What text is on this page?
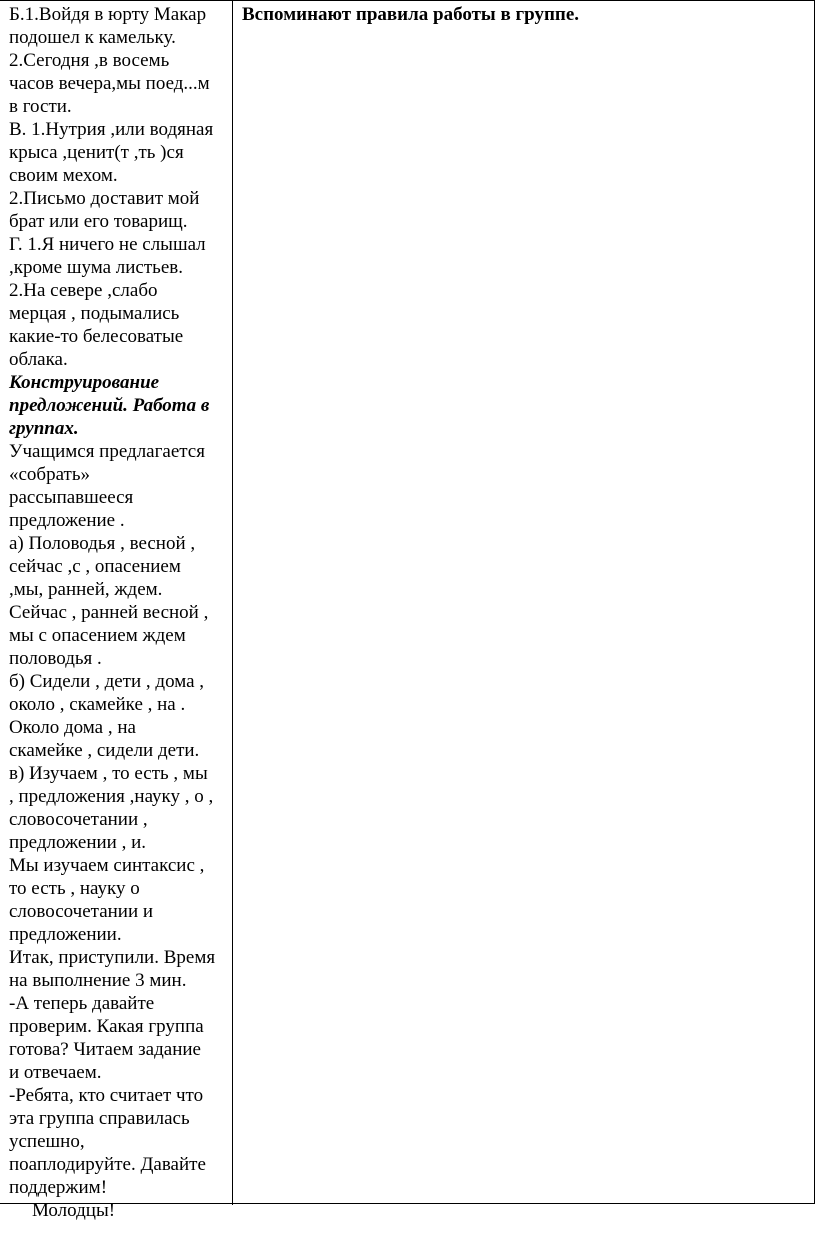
Б.1.Войдя в юрту Макар
подошел к камельку.
2.Сегодня ,в восемь
часов вечера,мы поед...м
в гости.
В. 1.Нутрия ,или водяная
крыса ,ценит(т ,ть )ся
своим мехом.
2.Письмо доставит мой
брат или его товарищ.
Г. 1.Я ничего не слышал
,кроме шума листьев.
2.На севере ,слабо
мерцая , подымались
какие-то белесоватые
облака.
Конструирование
предложений. Работа в
группах.
Учащимся предлагается
«собрать»
рассыпавшееся
предложение .
а) Половодья , весной ,
сейчас ,с , опасением
,мы, ранней, ждем.
Сейчас , ранней весной ,
мы с опасением ждем
половодья .
б) Сидели , дети , дома ,
около , скамейке , на .
Около дома , на
скамейке , сидели дети.
в) Изучаем , то есть , мы
, предложения ,науку , о ,
словосочетании ,
предложении , и.
Мы изучаем синтаксис ,
то есть , науку о
словосочетании и
предложении.
Итак, приступили. Время
на выполнение 3 мин.
-А теперь давайте
проверим. Какая группа
готова? Читаем задание
и отвечаем.
-Ребята, кто считает что
эта группа справилась
успешно,
поаплодируйте. Давайте
поддержим!
Молодцы!
Вспоминают правила работы в группе.
